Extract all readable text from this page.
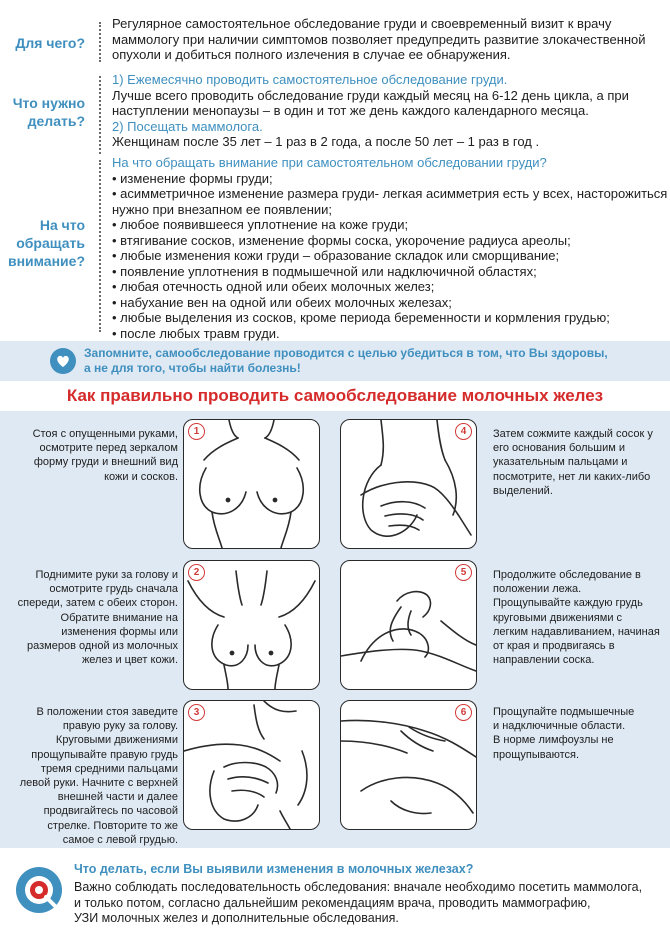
Для чего?
Регулярное самостоятельное обследование груди и своевременный визит к врачу
маммологу при наличии симптомов позволяет предупредить развитие злокачественной
опухоли и добиться полного излечения в случае ее обнаружения.
Что нужно
делать?
1) Ежемесячно проводить самостоятельное обследование груди.
Лучше всего проводить обследование груди каждый месяц на 6-12 день цикла, а при
наступлении менопаузы – в один и тот же день каждого календарного месяца.
2) Посещать маммолога.
Женщинам после 35 лет – 1 раз в 2 года, а после 50 лет – 1 раз в год .
На что
обращать
внимание?
На что обращать внимание при самостоятельном обследовании груди?
• изменение формы груди;
• асимметричное изменение размера груди- легкая асимметрия есть у всех, насторожиться
нужно при внезапном ее появлении;
• любое появившееся уплотнение на коже груди;
• втягивание сосков, изменение формы соска, укорочение радиуса ареолы;
• любые изменения кожи груди – образование складок или сморщивание;
• появление уплотнения в подмышечной или надключичной областях;
• любая отечность одной или обеих молочных желез;
• набухание вен на одной или обеих молочных железах;
• любые выделения из сосков, кроме периода беременности и кормления грудью;
• после любых травм груди.
Запомните, самообследование проводится с целью убедиться в том, что Вы здоровы,
а не для того, чтобы найти болезнь!
Как правильно проводить самообследование молочных желез
Стоя с опущенными руками,
осмотрите перед зеркалом
форму груди и внешний вид
кожи и сосков.
1	4	Затем сожмите каждый сосок у
его основания большим и
указательным пальцами и
посмотрите, нет ли каких-либо
выделений.
Поднимите руки за голову и
осмотрите грудь сначала
спереди, затем с обеих сторон.
Обратите внимание на
изменения формы или
размеров одной из молочных
желез и цвет кожи.
2	5	Продолжите обследование в
положении лежа.
Прощупывайте каждую грудь
круговыми движениями с
легким надавливанием, начиная
от края и продвигаясь в
направлении соска.
В положении стоя заведите
правую руку за голову.
Круговыми движениями
прощупывайте правую грудь
тремя средними пальцами
левой руки. Начните с верхней
внешней части и далее
продвигайтесь по часовой
стрелке. Повторите то же
самое с левой грудью.
3	6	Прощупайте подмышечные
и надключичные области.
В норме лимфоузлы не
прощупываются.
Что делать, если Вы выявили изменения в молочных железах?
Важно соблюдать последовательность обследования: вначале необходимо посетить маммолога,
и только потом, согласно дальнейшим рекомендациям врача, проводить маммографию,
УЗИ молочных желез и дополнительные обследования.
